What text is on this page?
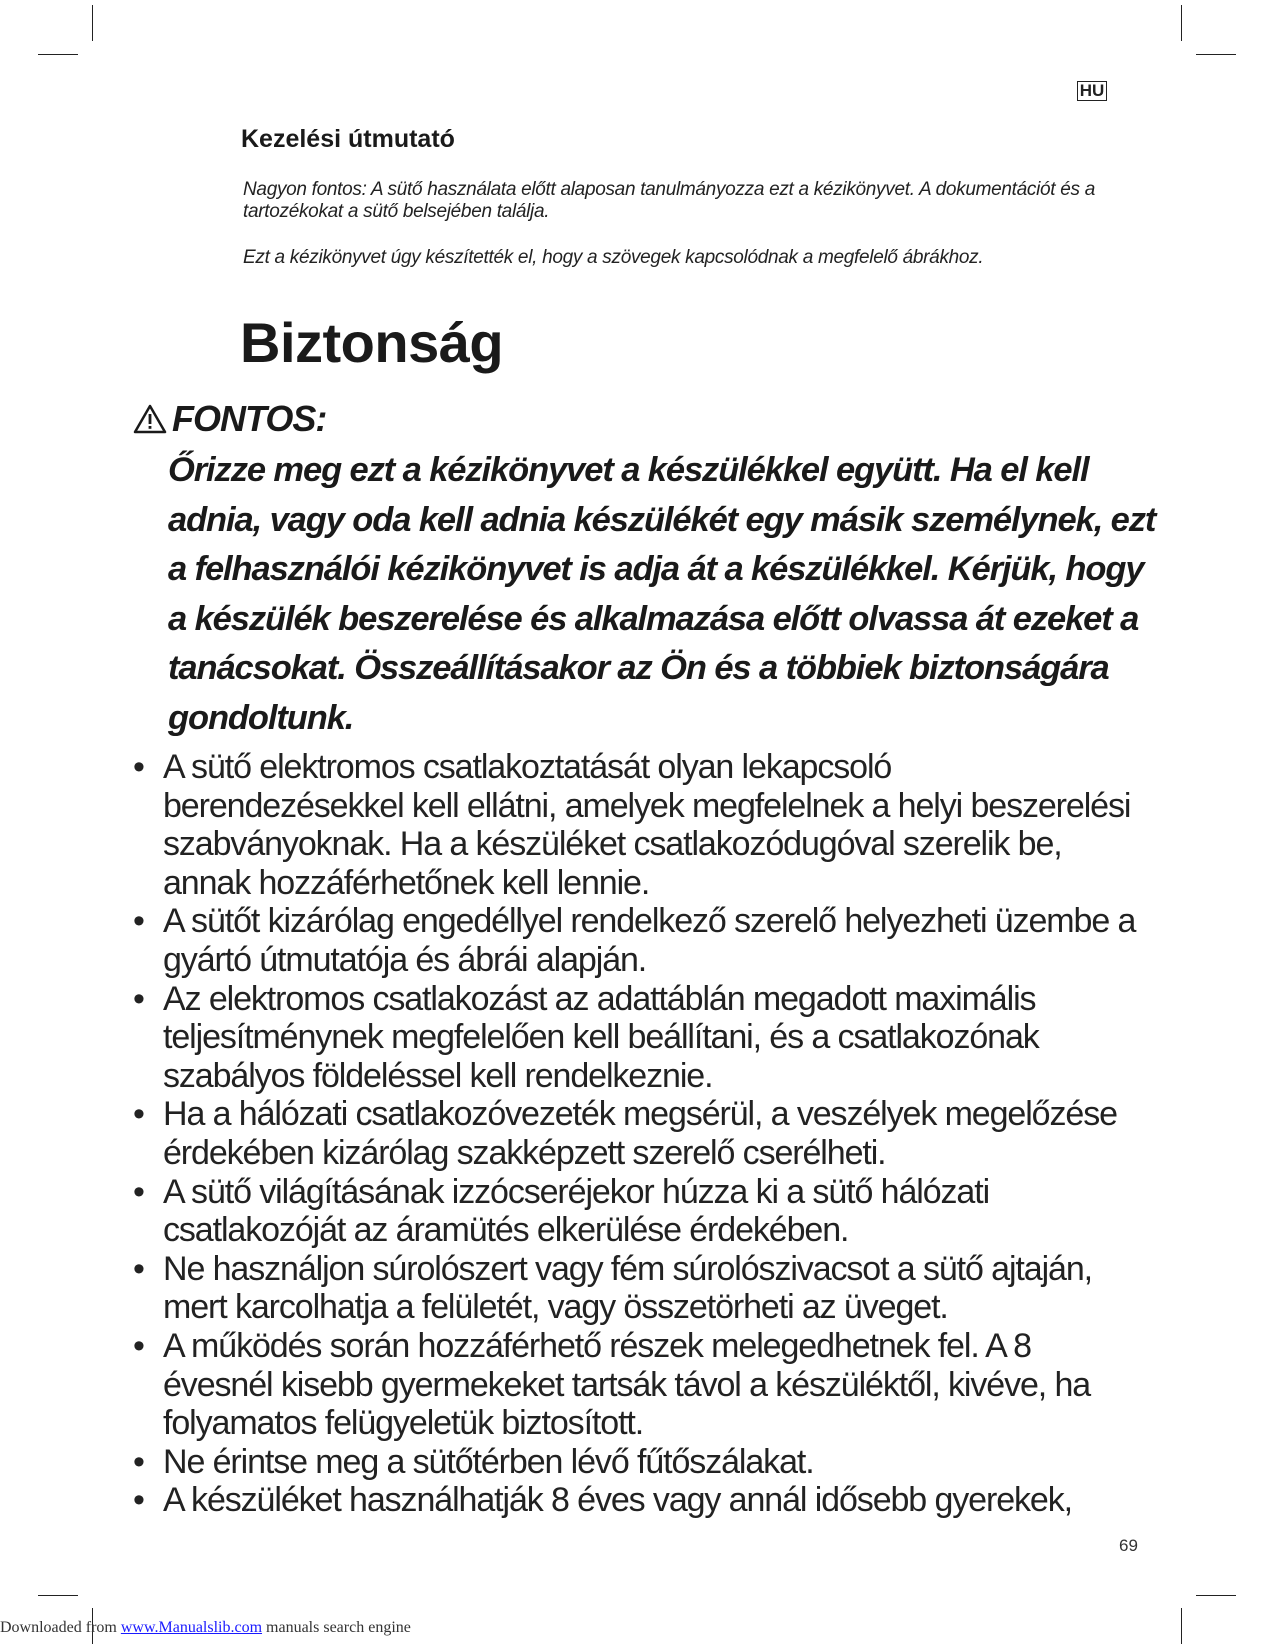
HU
Kezelési útmutató

Nagyon fontos: A sütő használata előtt alaposan tanulmányozza ezt a kézikönyvet. A dokumentációt és a tartozékokat a sütő belsejében találja.

Ezt a kézikönyvet úgy készítették el, hogy a szövegek kapcsolódnak a megfelelő ábrákhoz.

Biztonság
FONTOS:

Őrizze meg ezt a kézikönyvet a készülékkel együtt. Ha el kell adnia, vagy oda kell adnia készülékét egy másik személynek, ezt a felhasználói kézikönyvet is adja át a készülékkel. Kérjük, hogy a készülék beszerelése és alkalmazása előtt olvassa át ezeket a tanácsokat. Összeállításakor az Ön és a többiek biztonságára gondoltunk.

• A sütő elektromos csatlakoztatását olyan lekapcsoló berendezésekkel kell ellátni, amelyek megfelelnek a helyi beszerelési szabványoknak. Ha a készüléket csatlakozódugóval szerelik be, annak hozzáférhetőnek kell lennie.
• A sütőt kizárólag engedéllyel rendelkező szerelő helyezheti üzembe a gyártó útmutatója és ábrái alapján.
• Az elektromos csatlakozást az adattáblán megadott maximális teljesítménynek megfelelően kell beállítani, és a csatlakozónak szabályos földeléssel kell rendelkeznie.
• Ha a hálózati csatlakozóvezeték megsérül, a veszélyek megelőzése érdekében kizárólag szakképzett szerelő cserélheti.
• A sütő világításának izzócseréjekor húzza ki a sütő hálózati csatlakozóját az áramütés elkerülése érdekében.
• Ne használjon súrolószert vagy fém súrolószivacsot a sütő ajtaján, mert karcolhatja a felületét, vagy összetörheti az üveget.
• A működés során hozzáférhető részek melegedhetnek fel. A 8 évesnél kisebb gyermekeket tartsák távol a készüléktől, kivéve, ha folyamatos felügyeletük biztosított.
• Ne érintse meg a sütőtérben lévő fűtőszálakat.
• A készüléket használhatják 8 éves vagy annál idősebb gyerekek,
69
Downloaded from www.Manualslib.com manuals search engine
